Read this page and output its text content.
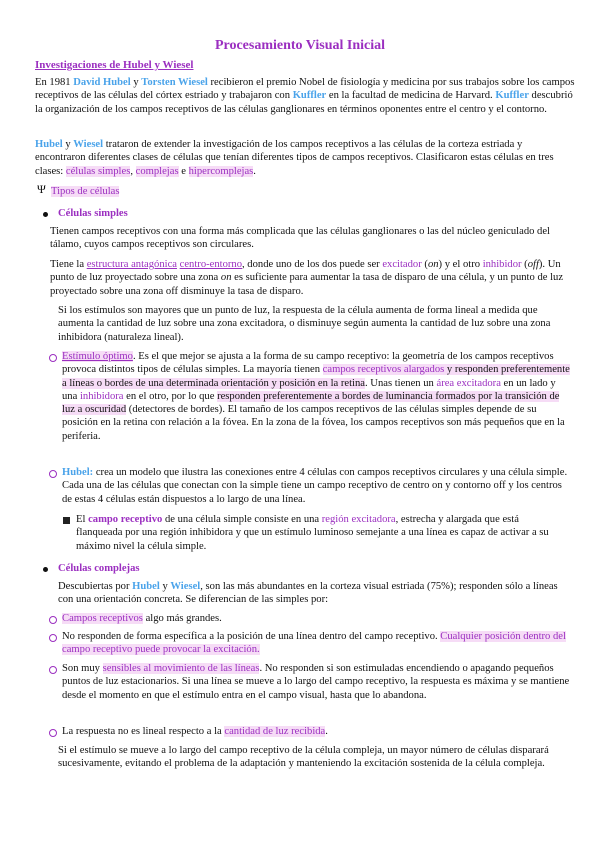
Procesamiento Visual Inicial
Investigaciones de Hubel y Wiesel
En 1981 David Hubel y Torsten Wiesel recibieron el premio Nobel de fisiología y medicina por sus trabajos sobre los campos receptivos de las células del córtex estriado y trabajaron con Kuffler en la facultad de medicina de Harvard. Kuffler descubrió la organización de los campos receptivos de las células ganglionares en términos oponentes entre el centro y el contorno.
Hubel y Wiesel trataron de extender la investigación de los campos receptivos a las células de la corteza estriada y encontraron diferentes clases de células que tenían diferentes tipos de campos receptivos. Clasificaron estas células en tres clases: células simples, complejas e hipercomplejas.
Ψ Tipos de células
Células simples
Tienen campos receptivos con una forma más complicada que las células ganglionares o las del núcleo geniculado del tálamo, cuyos campos receptivos son circulares.
Tiene la estructura antagónica centro-entorno, donde uno de los dos puede ser excitador (on) y el otro inhibidor (off). Un punto de luz proyectado sobre una zona on es suficiente para aumentar la tasa de disparo de una célula, y un punto de luz proyectado sobre una zona off disminuye la tasa de disparo.
Si los estímulos son mayores que un punto de luz, la respuesta de la célula aumenta de forma lineal a medida que aumenta la cantidad de luz sobre una zona excitadora, o disminuye según aumenta la cantidad de luz sobre una zona inhibidora (naturaleza lineal).
Estímulo óptimo. Es el que mejor se ajusta a la forma de su campo receptivo: la geometría de los campos receptivos provoca distintos tipos de células simples. La mayoría tienen campos receptivos alargados y responden preferentemente a líneas o bordes de una determinada orientación y posición en la retina. Unas tienen un área excitadora en un lado y una inhibidora en el otro, por lo que responden preferentemente a bordes de luminancia formados por la transición de luz a oscuridad (detectores de bordes). El tamaño de los campos receptivos de las células simples depende de su posición en la retina con relación a la fóvea. En la zona de la fóvea, los campos receptivos son más pequeños que en la periferia.
Hubel: crea un modelo que ilustra las conexiones entre 4 células con campos receptivos circulares y una célula simple. Cada una de las células que conectan con la simple tiene un campo receptivo de centro on y contorno off y los centros de estas 4 células están dispuestos a lo largo de una línea.
El campo receptivo de una célula simple consiste en una región excitadora, estrecha y alargada que está flanqueada por una región inhibidora y que un estímulo luminoso semejante a una línea es capaz de activar a su máximo nivel la célula simple.
Células complejas
Descubiertas por Hubel y Wiesel, son las más abundantes en la corteza visual estriada (75%); responden sólo a líneas con una orientación concreta. Se diferencian de las simples por:
Campos receptivos algo más grandes.
No responden de forma específica a la posición de una línea dentro del campo receptivo. Cualquier posición dentro del campo receptivo puede provocar la excitación.
Son muy sensibles al movimiento de las líneas. No responden si son estimuladas encendiendo o apagando pequeños puntos de luz estacionarios. Si una línea se mueve a lo largo del campo receptivo, la respuesta es máxima y se mantiene desde el momento en que el estímulo entra en el campo visual, hasta que lo abandona.
La respuesta no es lineal respecto a la cantidad de luz recibida.
Si el estímulo se mueve a lo largo del campo receptivo de la célula compleja, un mayor número de células disparará sucesivamente, evitando el problema de la adaptación y manteniendo la excitación sostenida de la célula compleja.
